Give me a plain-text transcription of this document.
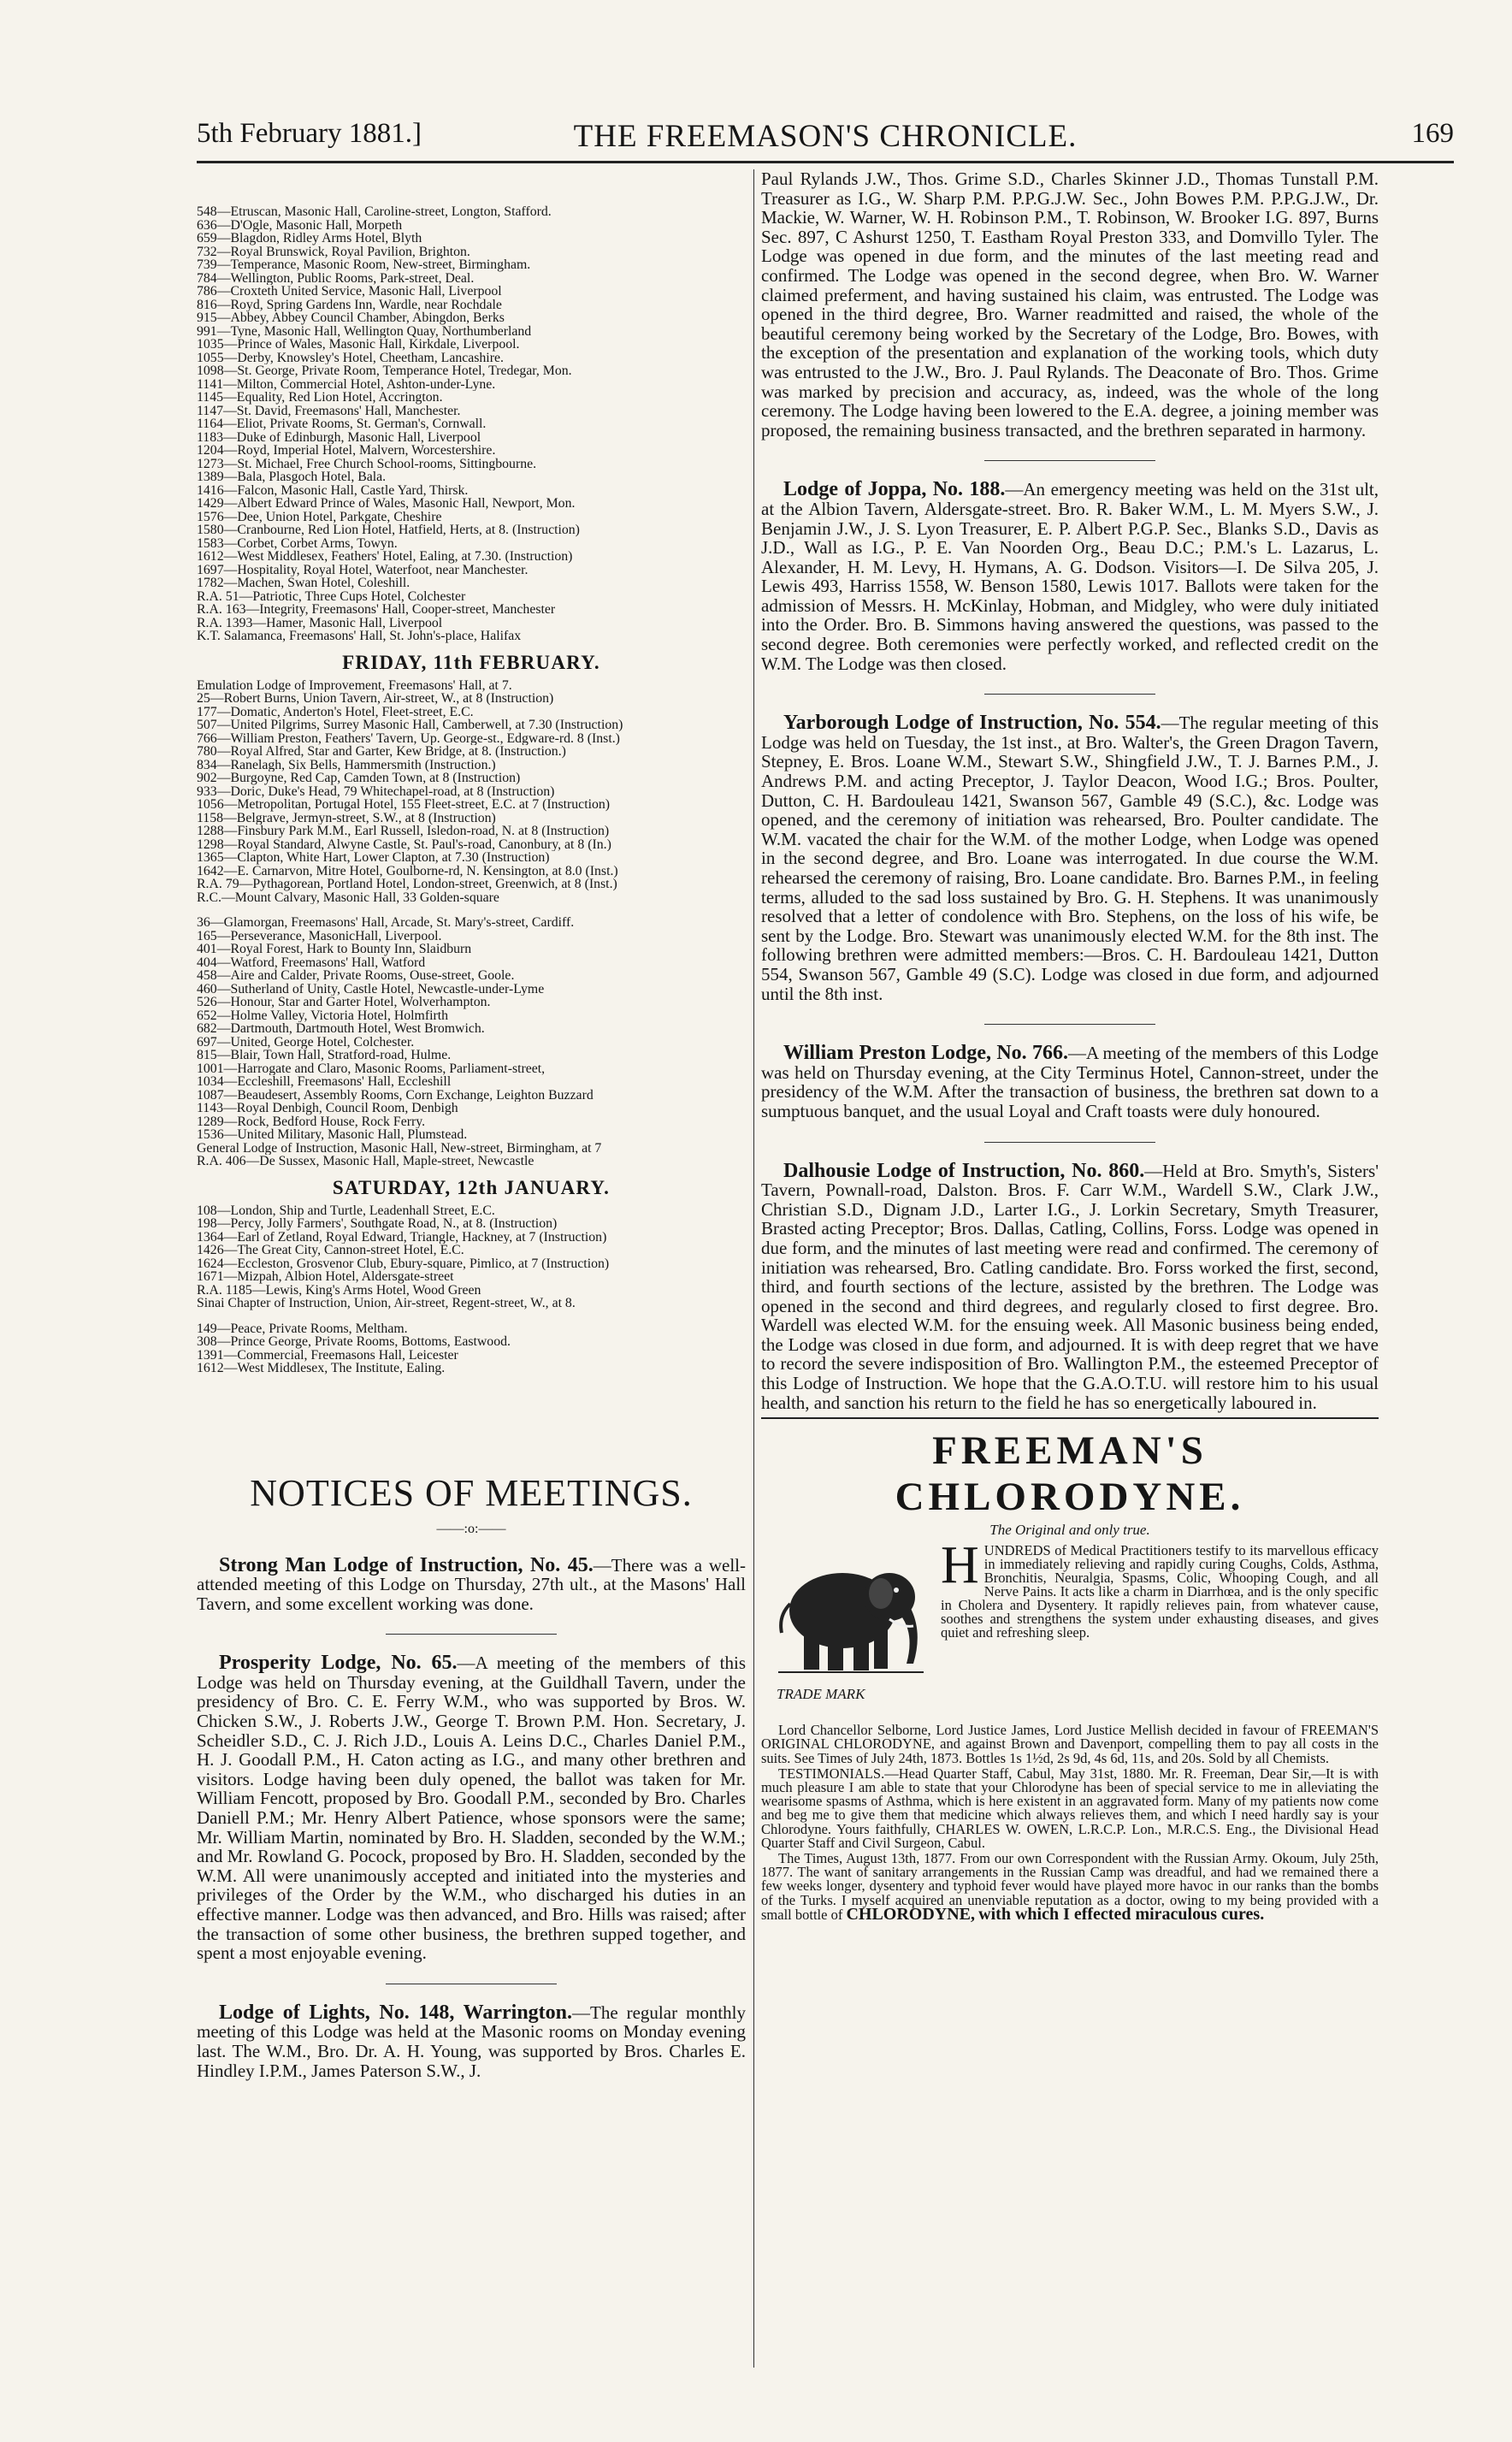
5th February 1881.]	THE FREEMASON'S CHRONICLE.	169
548—Etruscan, Masonic Hall, Caroline-street, Longton, Stafford.
636—D'Ogle, Masonic Hall, Morpeth
659—Blagdon, Ridley Arms Hotel, Blyth
732—Royal Brunswick, Royal Pavilion, Brighton.
739—Temperance, Masonic Room, New-street, Birmingham.
784—Wellington, Public Rooms, Park-street, Deal.
786—Croxteth United Service, Masonic Hall, Liverpool
816—Royd, Spring Gardens Inn, Wardle, near Rochdale
915—Abbey, Abbey Council Chamber, Abingdon, Berks
991—Tyne, Masonic Hall, Wellington Quay, Northumberland
1035—Prince of Wales, Masonic Hall, Kirkdale, Liverpool.
1055—Derby, Knowsley's Hotel, Cheetham, Lancashire.
1098—St. George, Private Room, Temperance Hotel, Tredegar, Mon.
1141—Milton, Commercial Hotel, Ashton-under-Lyne.
1145—Equality, Red Lion Hotel, Accrington.
1147—St. David, Freemasons' Hall, Manchester.
1164—Eliot, Private Rooms, St. German's, Cornwall.
1183—Duke of Edinburgh, Masonic Hall, Liverpool
1204—Royd, Imperial Hotel, Malvern, Worcestershire.
1273—St. Michael, Free Church School-rooms, Sittingbourne.
1389—Bala, Plasgoch Hotel, Bala.
1416—Falcon, Masonic Hall, Castle Yard, Thirsk.
1429—Albert Edward Prince of Wales, Masonic Hall, Newport, Mon.
1576—Dee, Union Hotel, Parkgate, Cheshire
1580—Cranbourne, Red Lion Hotel, Hatfield, Herts, at 8. (Instruction)
1583—Corbet, Corbet Arms, Towyn.
1612—West Middlesex, Feathers' Hotel, Ealing, at 7.30. (Instruction)
1697—Hospitality, Royal Hotel, Waterfoot, near Manchester.
1782—Machen, Swan Hotel, Coleshill.
R.A. 51—Patriotic, Three Cups Hotel, Colchester
R.A. 163—Integrity, Freemasons' Hall, Cooper-street, Manchester
R.A. 1393—Hamer, Masonic Hall, Liverpool
K.T. Salamanca, Freemasons' Hall, St. John's-place, Halifax
FRIDAY, 11th FEBRUARY.
Emulation Lodge of Improvement, Freemasons' Hall, at 7.
25—Robert Burns, Union Tavern, Air-street, W., at 8 (Instruction)
177—Domatic, Anderton's Hotel, Fleet-street, E.C.
507—United Pilgrims, Surrey Masonic Hall, Camberwell, at 7.30 (Instruction)
766—William Preston, Feathers' Tavern, Up. George-st., Edgware-rd. 8 (Inst.)
780—Royal Alfred, Star and Garter, Kew Bridge, at 8. (Instruction.)
834—Ranelagh, Six Bells, Hammersmith (Instruction.)
902—Burgoyne, Red Cap, Camden Town, at 8 (Instruction)
933—Doric, Duke's Head, 79 Whitechapel-road, at 8 (Instruction)
1056—Metropolitan, Portugal Hotel, 155 Fleet-street, E.C. at 7 (Instruction)
1158—Belgrave, Jermyn-street, S.W., at 8 (Instruction)
1288—Finsbury Park M.M., Earl Russell, Isledon-road, N. at 8 (Instruction)
1298—Royal Standard, Alwyne Castle, St. Paul's-road, Canonbury, at 8 (In.)
1365—Clapton, White Hart, Lower Clapton, at 7.30 (Instruction)
1642—E. Carnarvon, Mitre Hotel, Goulborne-rd, N. Kensington, at 8.0 (Inst.)
R.A. 79—Pythagorean, Portland Hotel, London-street, Greenwich, at 8 (Inst.)
R.C.—Mount Calvary, Masonic Hall, 33 Golden-square
36—Glamorgan, Freemasons' Hall, Arcade, St. Mary's-street, Cardiff.
165—Perseverance, MasonicHall, Liverpool.
401—Royal Forest, Hark to Bounty Inn, Slaidburn
404—Watford, Freemasons' Hall, Watford
458—Aire and Calder, Private Rooms, Ouse-street, Goole.
460—Sutherland of Unity, Castle Hotel, Newcastle-under-Lyme
526—Honour, Star and Garter Hotel, Wolverhampton.
652—Holme Valley, Victoria Hotel, Holmfirth
682—Dartmouth, Dartmouth Hotel, West Bromwich.
697—United, George Hotel, Colchester.
815—Blair, Town Hall, Stratford-road, Hulme.
1001—Harrogate and Claro, Masonic Rooms, Parliament-street,
1034—Eccleshill, Freemasons' Hall, Eccleshill
1087—Beaudesert, Assembly Rooms, Corn Exchange, Leighton Buzzard
1143—Royal Denbigh, Council Room, Denbigh
1289—Rock, Bedford House, Rock Ferry.
1536—United Military, Masonic Hall, Plumstead.
General Lodge of Instruction, Masonic Hall, New-street, Birmingham, at 7
R.A. 406—De Sussex, Masonic Hall, Maple-street, Newcastle
SATURDAY, 12th JANUARY.
108—London, Ship and Turtle, Leadenhall Street, E.C.
198—Percy, Jolly Farmers', Southgate Road, N., at 8. (Instruction)
1364—Earl of Zetland, Royal Edward, Triangle, Hackney, at 7 (Instruction)
1426—The Great City, Cannon-street Hotel, E.C.
1624—Eccleston, Grosvenor Club, Ebury-square, Pimlico, at 7 (Instruction)
1671—Mizpah, Albion Hotel, Aldersgate-street
R.A. 1185—Lewis, King's Arms Hotel, Wood Green
Sinai Chapter of Instruction, Union, Air-street, Regent-street, W., at 8.
149—Peace, Private Rooms, Meltham.
308—Prince George, Private Rooms, Bottoms, Eastwood.
1391—Commercial, Freemasons Hall, Leicester
1612—West Middlesex, The Institute, Ealing.
NOTICES OF MEETINGS.
——:o:——

Strong Man Lodge of Instruction, No. 45.—There was a well-attended meeting of this Lodge on Thursday, 27th ult., at the Masons' Hall Tavern, and some excellent working was done.

Prosperity Lodge, No. 65.—A meeting of the members of this Lodge was held on Thursday evening, at the Guildhall Tavern, under the presidency of Bro. C. E. Ferry W.M., who was supported by Bros. W. Chicken S.W., J. Roberts J.W., George T. Brown P.M. Hon. Secretary, J. Scheidler S.D., C. J. Rich J.D., Louis A. Leins D.C., Charles Daniel P.M., H. J. Goodall P.M., H. Caton acting as I.G., and many other brethren and visitors. Lodge having been duly opened, the ballot was taken for Mr. William Fencott, proposed by Bro. Goodall P.M., seconded by Bro. Charles Daniell P.M.; Mr. Henry Albert Patience, whose sponsors were the same; Mr. William Martin, nominated by Bro. H. Sladden, seconded by the W.M.; and Mr. Rowland G. Pocock, proposed by Bro. H. Sladden, seconded by the W.M. All were unanimously accepted and initiated into the mysteries and privileges of the Order by the W.M., who discharged his duties in an effective manner. Lodge was then advanced, and Bro. Hills was raised; after the transaction of some other business, the brethren supped together, and spent a most enjoyable evening.

Lodge of Lights, No. 148, Warrington.—The regular monthly meeting of this Lodge was held at the Masonic rooms on Monday evening last. The W.M., Bro. Dr. A. H. Young, was supported by Bros. Charles E. Hindley I.P.M., James Paterson S.W., J.

Paul Rylands J.W., Thos. Grime S.D., Charles Skinner J.D., Thomas Tunstall P.M. Treasurer as I.G., W. Sharp P.M. P.P.G.J.W. Sec., John Bowes P.M. P.P.G.J.W., Dr. Mackie, W. Warner, W. H. Robinson P.M., T. Robinson, W. Brooker I.G. 897, Burns Sec. 897, C Ashurst 1250, T. Eastham Royal Preston 333, and Domvillo Tyler. The Lodge was opened in due form, and the minutes of the last meeting read and confirmed. The Lodge was opened in the second degree, when Bro. W. Warner claimed preferment, and having sustained his claim, was entrusted. The Lodge was opened in the third degree, Bro. Warner readmitted and raised, the whole of the beautiful ceremony being worked by the Secretary of the Lodge, Bro. Bowes, with the exception of the presentation and explanation of the working tools, which duty was entrusted to the J.W., Bro. J. Paul Rylands. The Deaconate of Bro. Thos. Grime was marked by precision and accuracy, as, indeed, was the whole of the long ceremony. The Lodge having been lowered to the E.A. degree, a joining member was proposed, the remaining business transacted, and the brethren separated in harmony.

Lodge of Joppa, No. 188.—An emergency meeting was held on the 31st ult, at the Albion Tavern, Aldersgate-street. Bro. R. Baker W.M., L. M. Myers S.W., J. Benjamin J.W., J. S. Lyon Treasurer, E. P. Albert P.G.P. Sec., Blanks S.D., Davis as J.D., Wall as I.G., P. E. Van Noorden Org., Beau D.C.; P.M.'s L. Lazarus, L. Alexander, H. M. Levy, H. Hymans, A. G. Dodson. Visitors—I. De Silva 205, J. Lewis 493, Harriss 1558, W. Benson 1580, Lewis 1017. Ballots were taken for the admission of Messrs. H. McKinlay, Hobman, and Midgley, who were duly initiated into the Order. Bro. B. Simmons having answered the questions, was passed to the second degree. Both ceremonies were perfectly worked, and reflected credit on the W.M. The Lodge was then closed.

Yarborough Lodge of Instruction, No. 554.—The regular meeting of this Lodge was held on Tuesday, the 1st inst., at Bro. Walter's, the Green Dragon Tavern, Stepney, E. Bros. Loane W.M., Stewart S.W., Shingfield J.W., T. J. Barnes P.M., J. Andrews P.M. and acting Preceptor, J. Taylor Deacon, Wood I.G.; Bros. Poulter, Dutton, C. H. Bardouleau 1421, Swanson 567, Gamble 49 (S.C.), &c. Lodge was opened, and the ceremony of initiation was rehearsed, Bro. Poulter candidate. The W.M. vacated the chair for the W.M. of the mother Lodge, when Lodge was opened in the second degree, and Bro. Loane was interrogated. In due course the W.M. rehearsed the ceremony of raising, Bro. Loane candidate. Bro. Barnes P.M., in feeling terms, alluded to the sad loss sustained by Bro. G. H. Stephens. It was unanimously resolved that a letter of condolence with Bro. Stephens, on the loss of his wife, be sent by the Lodge. Bro. Stewart was unanimously elected W.M. for the 8th inst. The following brethren were admitted members:—Bros. C. H. Bardouleau 1421, Dutton 554, Swanson 567, Gamble 49 (S.C). Lodge was closed in due form, and adjourned until the 8th inst.

William Preston Lodge, No. 766.—A meeting of the members of this Lodge was held on Thursday evening, at the City Terminus Hotel, Cannon-street, under the presidency of the W.M. After the transaction of business, the brethren sat down to a sumptuous banquet, and the usual Loyal and Craft toasts were duly honoured.

Dalhousie Lodge of Instruction, No. 860.—Held at Bro. Smyth's, Sisters' Tavern, Pownall-road, Dalston. Bros. F. Carr W.M., Wardell S.W., Clark J.W., Christian S.D., Dignam J.D., Larter I.G., J. Lorkin Secretary, Smyth Treasurer, Brasted acting Preceptor; Bros. Dallas, Catling, Collins, Forss. Lodge was opened in due form, and the minutes of last meeting were read and confirmed. The ceremony of initiation was rehearsed, Bro. Catling candidate. Bro. Forss worked the first, second, third, and fourth sections of the lecture, assisted by the brethren. The Lodge was opened in the second and third degrees, and regularly closed to first degree. Bro. Wardell was elected W.M. for the ensuing week. All Masonic business being ended, the Lodge was closed in due form, and adjourned. It is with deep regret that we have to record the severe indisposition of Bro. Wallington P.M., the esteemed Preceptor of this Lodge of Instruction. We hope that the G.A.O.T.U. will restore him to his usual health, and sanction his return to the field he has so energetically laboured in.

FREEMAN'S CHLORODYNE.
The Original and only true.
TRADE MARK
HUNDREDS of Medical Practitioners testify to its marvellous efficacy in immediately relieving and rapidly curing Coughs, Colds, Asthma, Bronchitis, Neuralgia, Spasms, Colic, Whooping Cough, and all Nerve Pains. It acts like a charm in Diarrhœa, and is the only specific in Cholera and Dysentery. It rapidly relieves pain, from whatever cause, soothes and strengthens the system under exhausting diseases, and gives quiet and refreshing sleep.

Lord Chancellor Selborne, Lord Justice James, Lord Justice Mellish decided in favour of FREEMAN'S ORIGINAL CHLORODYNE, and against Brown and Davenport, compelling them to pay all costs in the suits. See Times of July 24th, 1873. Bottles 1s 1½d, 2s 9d, 4s 6d, 11s, and 20s. Sold by all Chemists.

TESTIMONIALS.—Head Quarter Staff, Cabul, May 31st, 1880. Mr. R. Freeman, Dear Sir,—It is with much pleasure I am able to state that your Chlorodyne has been of special service to me in alleviating the wearisome spasms of Asthma, which is here existent in an aggravated form. Many of my patients now come and beg me to give them that medicine which always relieves them, and which I need hardly say is your Chlorodyne. Yours faithfully, CHARLES W. OWEN, L.R.C.P. Lon., M.R.C.S. Eng., the Divisional Head Quarter Staff and Civil Surgeon, Cabul.

The Times, August 13th, 1877. From our own Correspondent with the Russian Army. Okoum, July 25th, 1877. The want of sanitary arrangements in the Russian Camp was dreadful, and had we remained there a few weeks longer, dysentery and typhoid fever would have played more havoc in our ranks than the bombs of the Turks. I myself acquired an unenviable reputation as a doctor, owing to my being provided with a small bottle of CHLORODYNE, with which I effected miraculous cures.
